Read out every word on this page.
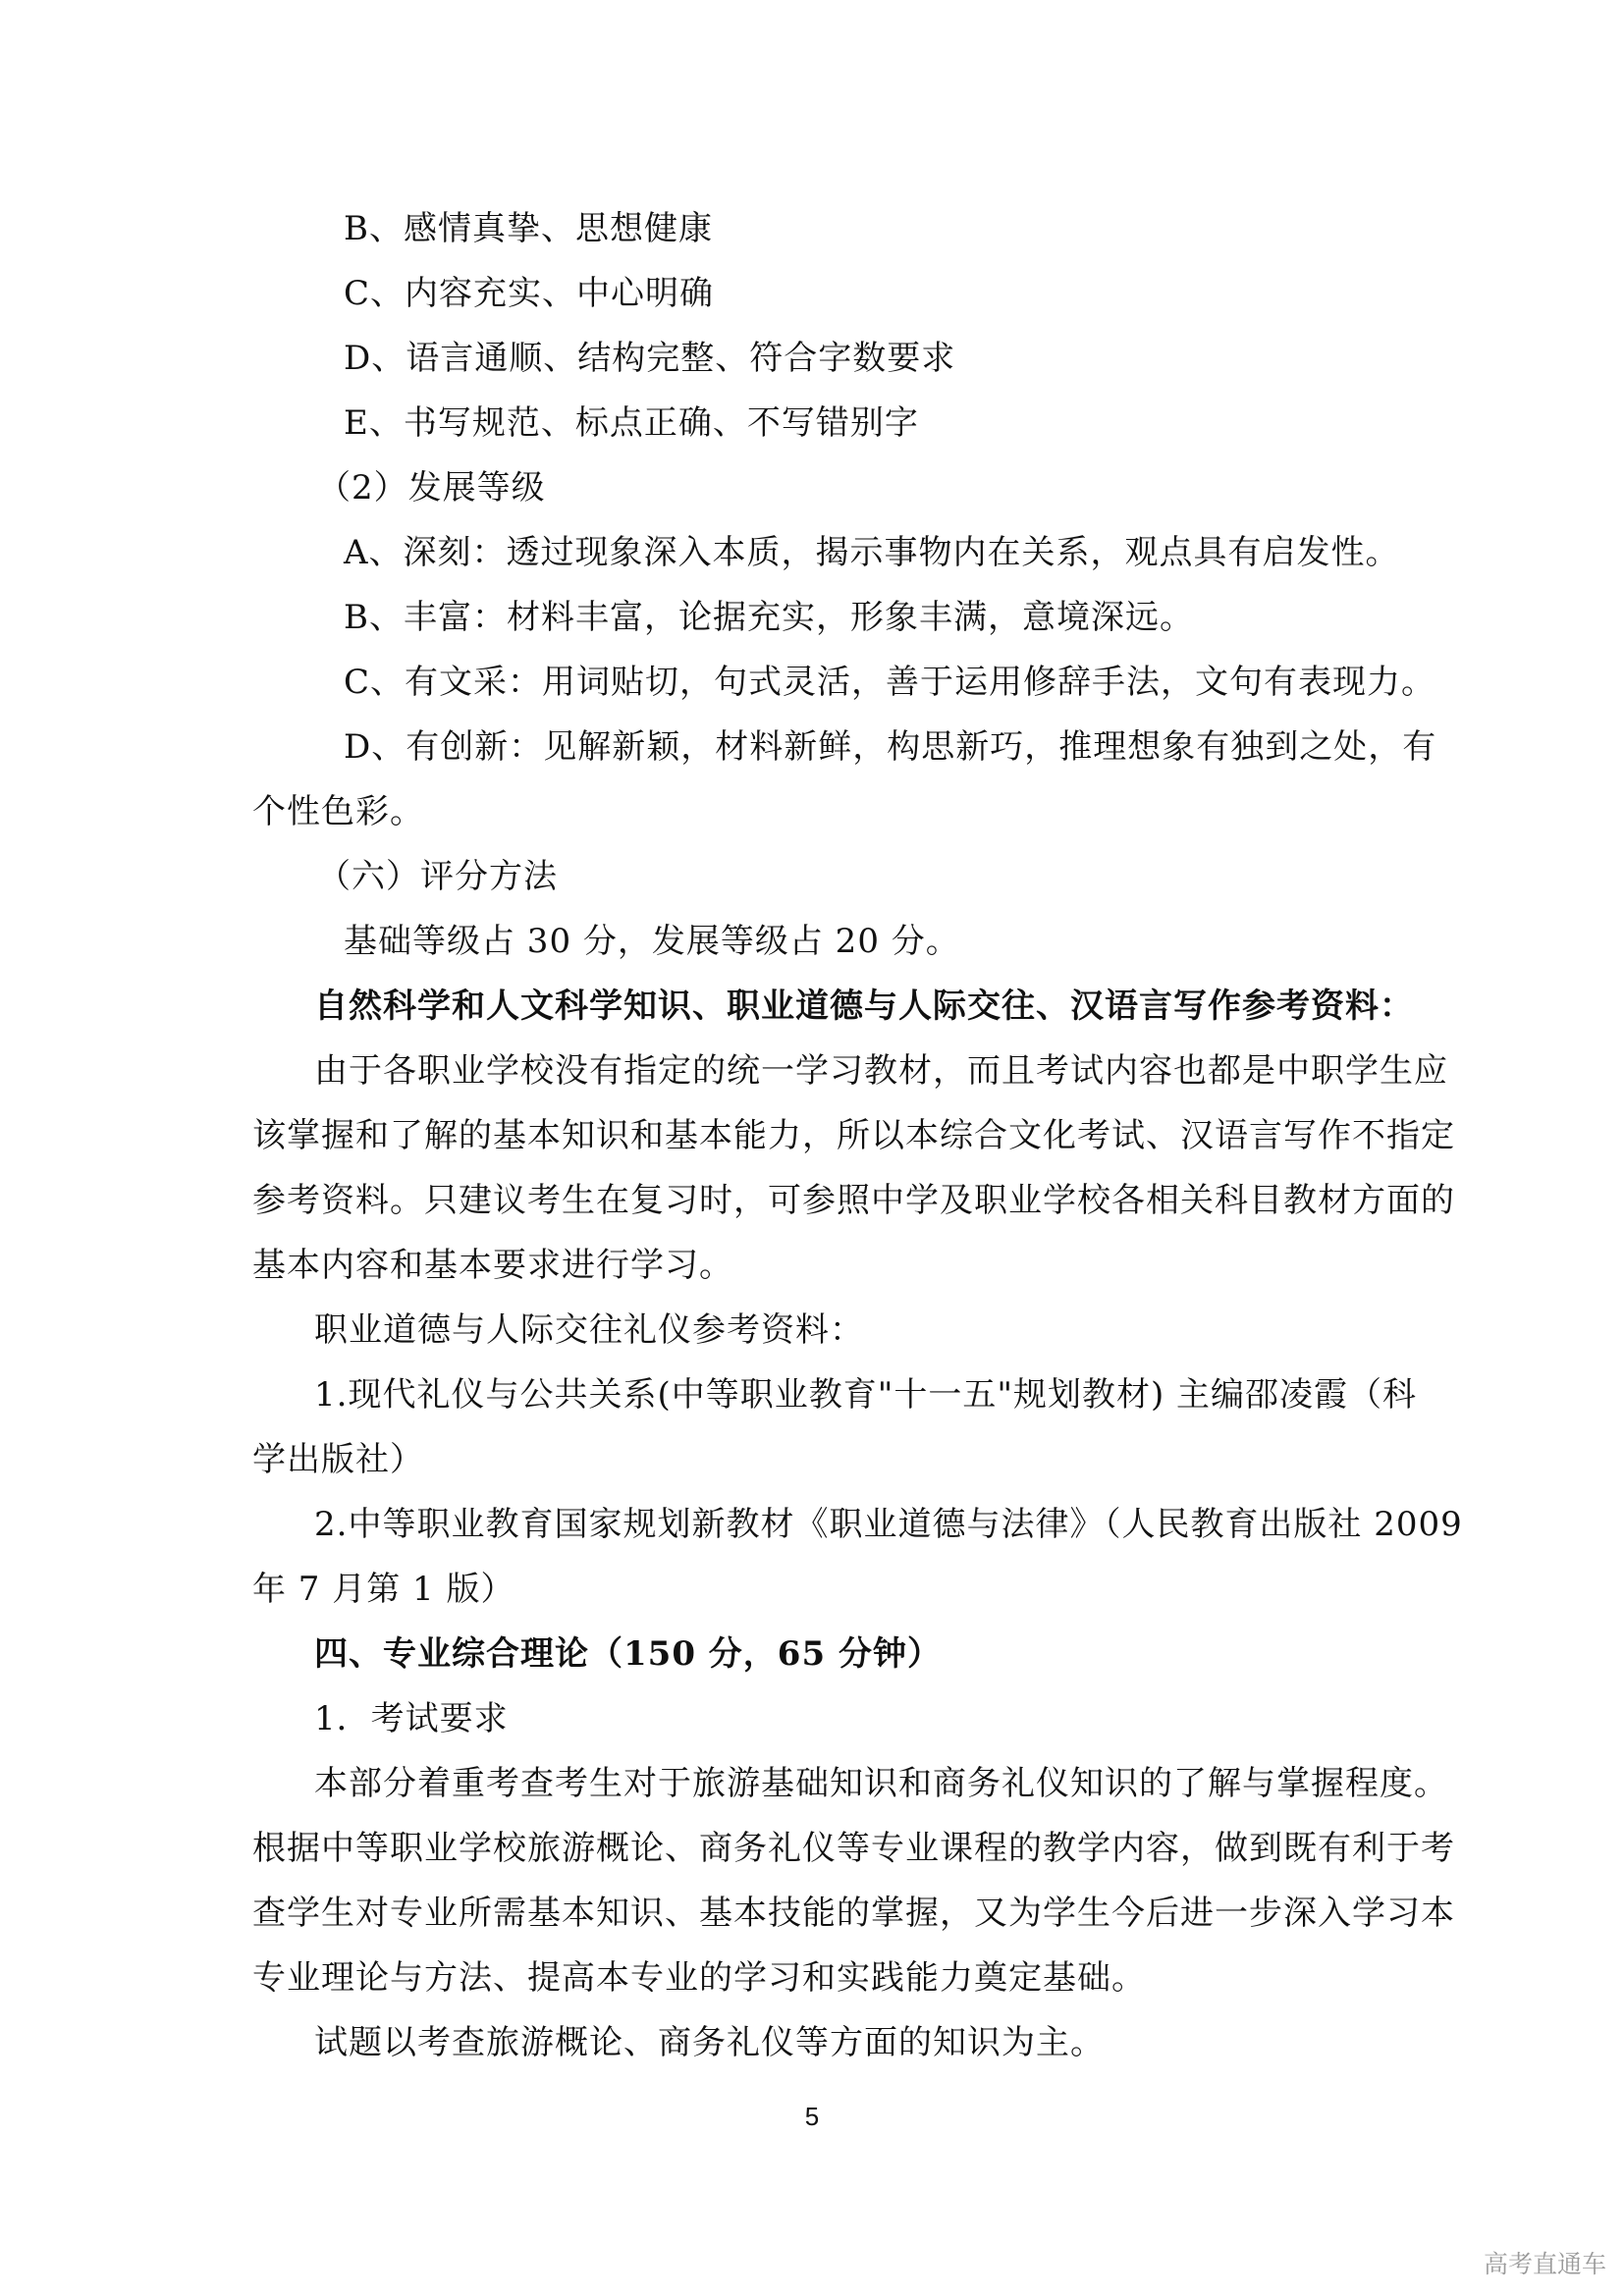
B、感情真挚、思想健康
C、内容充实、中心明确
D、语言通顺、结构完整、符合字数要求
E、书写规范、标点正确、不写错别字
（2）发展等级
A、深刻：透过现象深入本质，揭示事物内在关系，观点具有启发性。
B、丰富：材料丰富，论据充实，形象丰满，意境深远。
C、有文采：用词贴切，句式灵活，善于运用修辞手法，文句有表现力。
D、有创新：见解新颖，材料新鲜，构思新巧，推理想象有独到之处，有
个性色彩。
（六）评分方法
基础等级占 30 分，发展等级占 20 分。
自然科学和人文科学知识、职业道德与人际交往、汉语言写作参考资料：
由于各职业学校没有指定的统一学习教材，而且考试内容也都是中职学生应
该掌握和了解的基本知识和基本能力，所以本综合文化考试、汉语言写作不指定
参考资料。只建议考生在复习时，可参照中学及职业学校各相关科目教材方面的
基本内容和基本要求进行学习。
职业道德与人际交往礼仪参考资料：
1.现代礼仪与公共关系(中等职业教育"十一五"规划教材) 主编邵凌霞（科
学出版社）
2.中等职业教育国家规划新教材《职业道德与法律》（人民教育出版社 2009
年 7 月第 1 版）
四、专业综合理论（150 分，65 分钟）
1．考试要求
本部分着重考查考生对于旅游基础知识和商务礼仪知识的了解与掌握程度。
根据中等职业学校旅游概论、商务礼仪等专业课程的教学内容，做到既有利于考
查学生对专业所需基本知识、基本技能的掌握，又为学生今后进一步深入学习本
专业理论与方法、提高本专业的学习和实践能力奠定基础。
试题以考查旅游概论、商务礼仪等方面的知识为主。
5
高考直通车
